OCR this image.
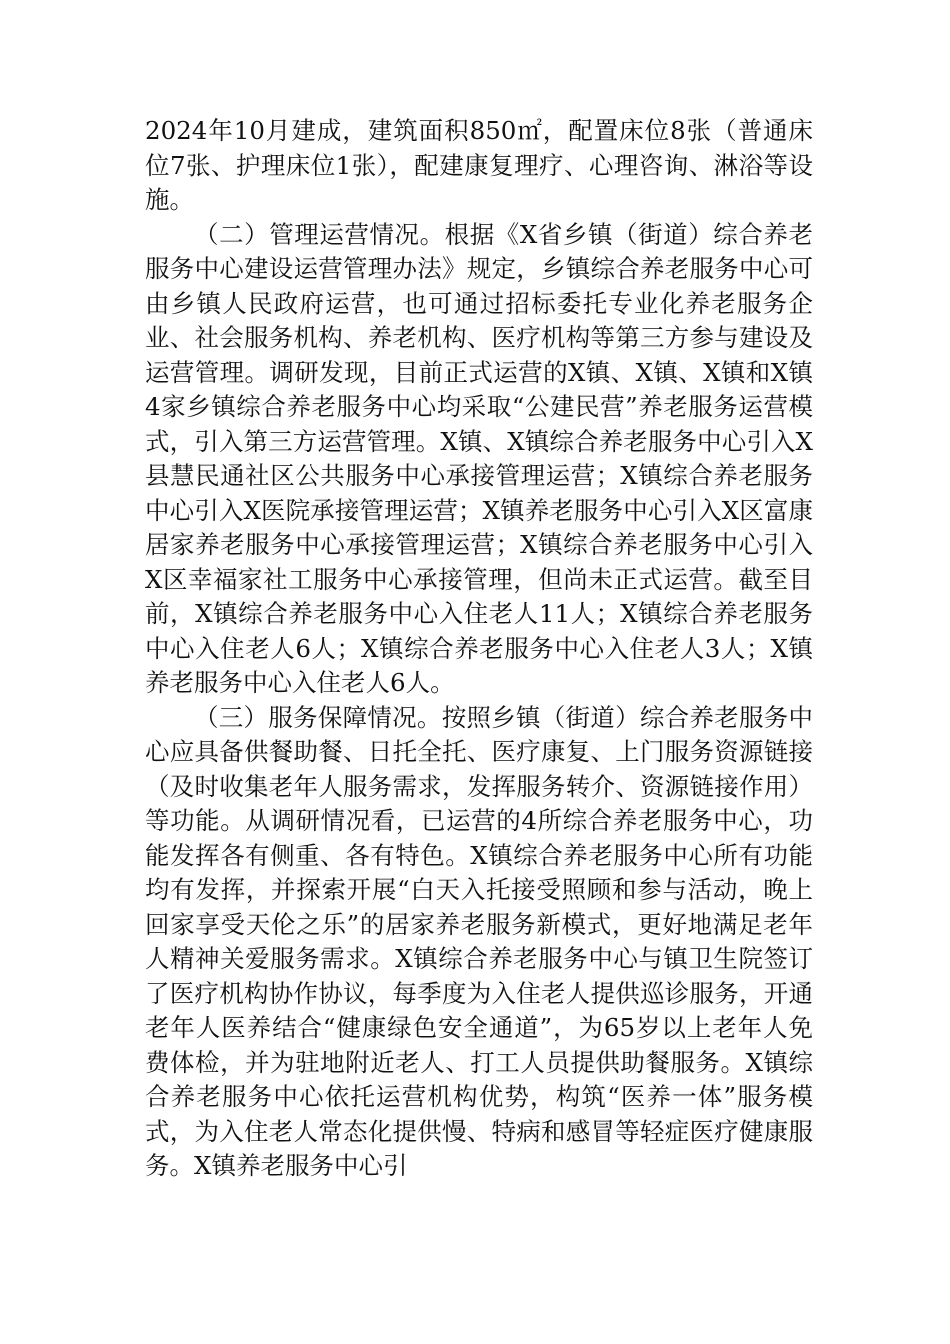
2024年10月建成，建筑面积850㎡，配置床位8张（普通床位7张、护理床位1张），配建康复理疗、心理咨询、淋浴等设施。

（二）管理运营情况。根据《X省乡镇（街道）综合养老服务中心建设运营管理办法》规定，乡镇综合养老服务中心可由乡镇人民政府运营，也可通过招标委托专业化养老服务企业、社会服务机构、养老机构、医疗机构等第三方参与建设及运营管理。调研发现，目前正式运营的X镇、X镇、X镇和X镇4家乡镇综合养老服务中心均采取“公建民营”养老服务运营模式，引入第三方运营管理。X镇、X镇综合养老服务中心引入X县慧民通社区公共服务中心承接管理运营；X镇综合养老服务中心引入X医院承接管理运营；X镇养老服务中心引入X区富康居家养老服务中心承接管理运营；X镇综合养老服务中心引入X区幸福家社工服务中心承接管理，但尚未正式运营。截至目前，X镇综合养老服务中心入住老人11人；X镇综合养老服务中心入住老人6人；X镇综合养老服务中心入住老人3人；X镇养老服务中心入住老人6人。

（三）服务保障情况。按照乡镇（街道）综合养老服务中心应具备供餐助餐、日托全托、医疗康复、上门服务资源链接（及时收集老年人服务需求，发挥服务转介、资源链接作用）等功能。从调研情况看，已运营的4所综合养老服务中心，功能发挥各有侧重、各有特色。X镇综合养老服务中心所有功能均有发挥，并探索开展“白天入托接受照顾和参与活动，晚上回家享受天伦之乐”的居家养老服务新模式，更好地满足老年人精神关爱服务需求。X镇综合养老服务中心与镇卫生院签订了医疗机构协作协议，每季度为入住老人提供巡诊服务，开通老年人医养结合“健康绿色安全通道”，为65岁以上老年人免费体检，并为驻地附近老人、打工人员提供助餐服务。X镇综合养老服务中心依托运营机构优势，构筑“医养一体”服务模式，为入住老人常态化提供慢、特病和感冒等轻症医疗健康服务。X镇养老服务中心引
